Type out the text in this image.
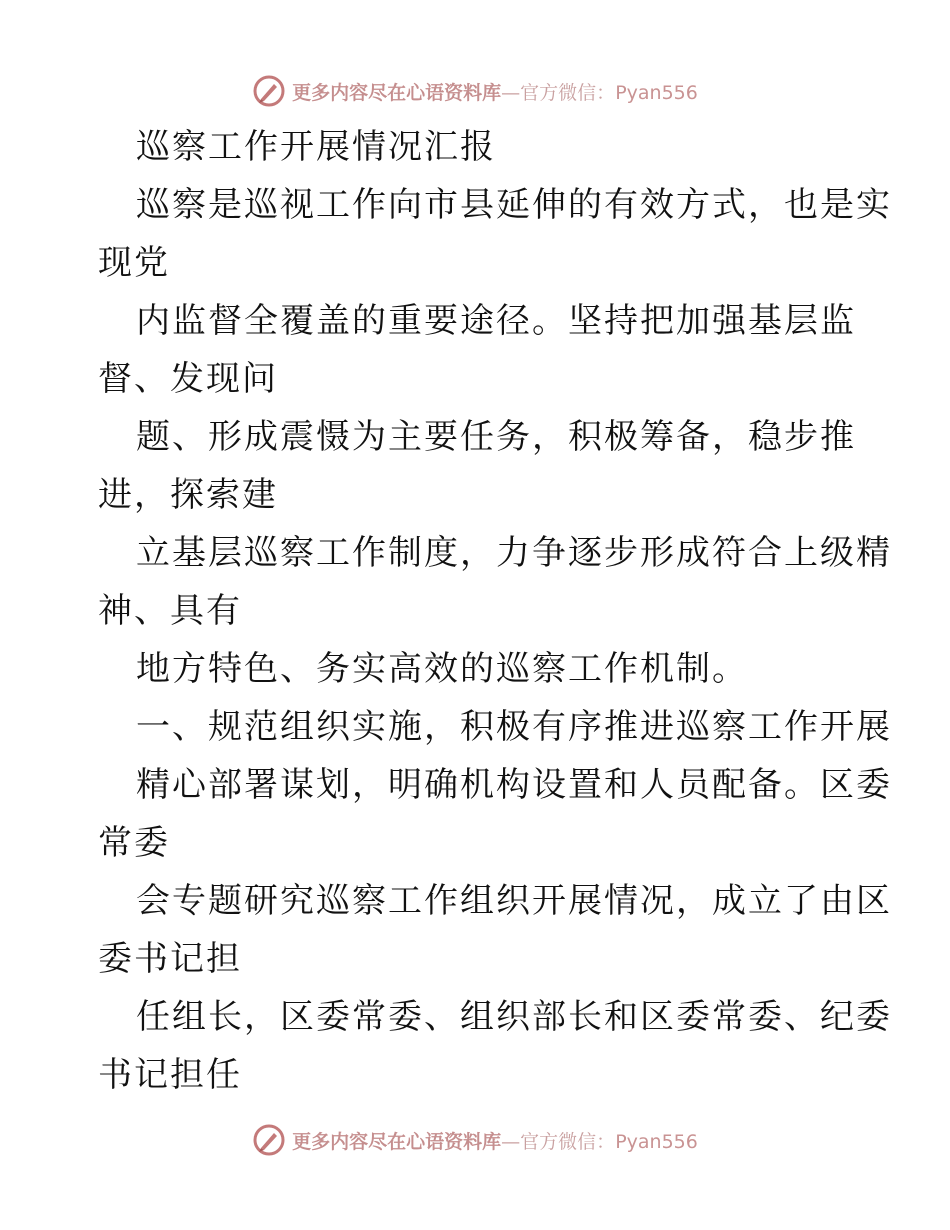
更多内容尽在心语资料库—官方微信：Pyan556
巡察工作开展情况汇报
巡察是巡视工作向市县延伸的有效方式，也是实
现党
内监督全覆盖的重要途径。坚持把加强基层监
督、发现问
题、形成震慑为主要任务，积极筹备，稳步推
进，探索建
立基层巡察工作制度，力争逐步形成符合上级精
神、具有
地方特色、务实高效的巡察工作机制。
一、规范组织实施，积极有序推进巡察工作开展
精心部署谋划，明确机构设置和人员配备。区委
常委
会专题研究巡察工作组织开展情况，成立了由区
委书记担
任组长，区委常委、组织部长和区委常委、纪委
书记担任
更多内容尽在心语资料库—官方微信：Pyan556
